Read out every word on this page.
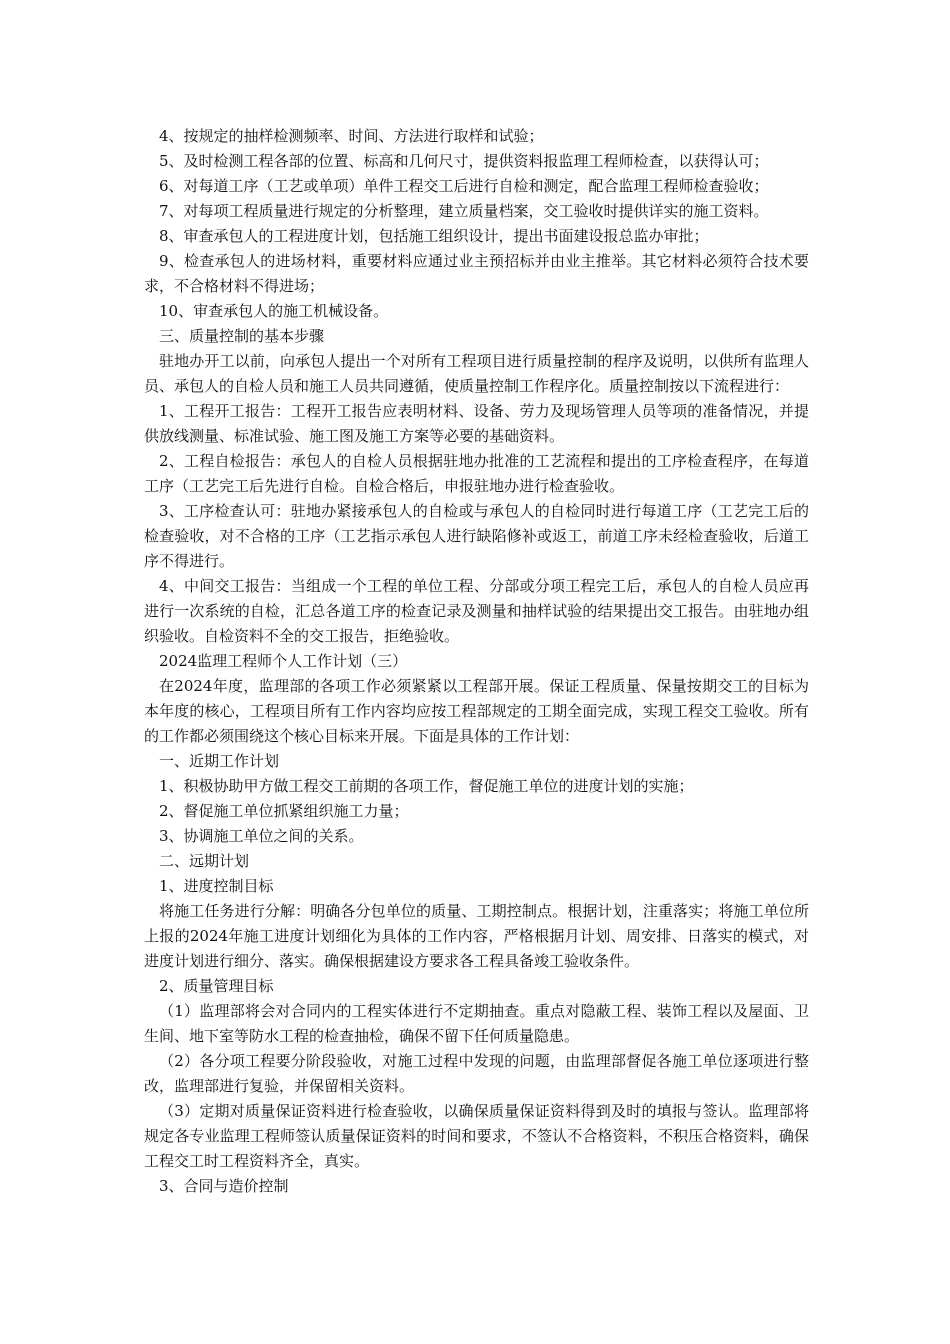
4、按规定的抽样检测频率、时间、方法进行取样和试验；

5、及时检测工程各部的位置、标高和几何尺寸，提供资料报监理工程师检查，以获得认可；

6、对每道工序（工艺或单项）单件工程交工后进行自检和测定，配合监理工程师检查验收；

7、对每项工程质量进行规定的分析整理，建立质量档案，交工验收时提供详实的施工资料。

8、审查承包人的工程进度计划，包括施工组织设计，提出书面建设报总监办审批；

9、检查承包人的进场材料，重要材料应通过业主预招标并由业主推举。其它材料必须符合技术要求，不合格材料不得进场；

10、审查承包人的施工机械设备。

三、质量控制的基本步骤

驻地办开工以前，向承包人提出一个对所有工程项目进行质量控制的程序及说明，以供所有监理人员、承包人的自检人员和施工人员共同遵循，使质量控制工作程序化。质量控制按以下流程进行：

1、工程开工报告：工程开工报告应表明材料、设备、劳力及现场管理人员等项的准备情况，并提供放线测量、标准试验、施工图及施工方案等必要的基础资料。

2、工程自检报告：承包人的自检人员根据驻地办批准的工艺流程和提出的工序检查程序，在每道工序（工艺完工后先进行自检。自检合格后，申报驻地办进行检查验收。

3、工序检查认可：驻地办紧接承包人的自检或与承包人的自检同时进行每道工序（工艺完工后的检查验收，对不合格的工序（工艺指示承包人进行缺陷修补或返工，前道工序未经检查验收，后道工序不得进行。

4、中间交工报告：当组成一个工程的单位工程、分部或分项工程完工后，承包人的自检人员应再进行一次系统的自检，汇总各道工序的检查记录及测量和抽样试验的结果提出交工报告。由驻地办组织验收。自检资料不全的交工报告，拒绝验收。

2024监理工程师个人工作计划（三）

在2024年度，监理部的各项工作必须紧紧以工程部开展。保证工程质量、保量按期交工的目标为本年度的核心，工程项目所有工作内容均应按工程部规定的工期全面完成，实现工程交工验收。所有的工作都必须围绕这个核心目标来开展。下面是具体的工作计划：

一、近期工作计划

1、积极协助甲方做工程交工前期的各项工作，督促施工单位的进度计划的实施；

2、督促施工单位抓紧组织施工力量；

3、协调施工单位之间的关系。

二、远期计划

1、进度控制目标

将施工任务进行分解：明确各分包单位的质量、工期控制点。根据计划，注重落实；将施工单位所上报的2024年施工进度计划细化为具体的工作内容，严格根据月计划、周安排、日落实的模式，对进度计划进行细分、落实。确保根据建设方要求各工程具备竣工验收条件。

2、质量管理目标

（1）监理部将会对合同内的工程实体进行不定期抽查。重点对隐蔽工程、装饰工程以及屋面、卫生间、地下室等防水工程的检查抽检，确保不留下任何质量隐患。

（2）各分项工程要分阶段验收，对施工过程中发现的问题，由监理部督促各施工单位逐项进行整改，监理部进行复验，并保留相关资料。

（3）定期对质量保证资料进行检查验收，以确保质量保证资料得到及时的填报与签认。监理部将规定各专业监理工程师签认质量保证资料的时间和要求，不签认不合格资料，不积压合格资料，确保工程交工时工程资料齐全，真实。

3、合同与造价控制
